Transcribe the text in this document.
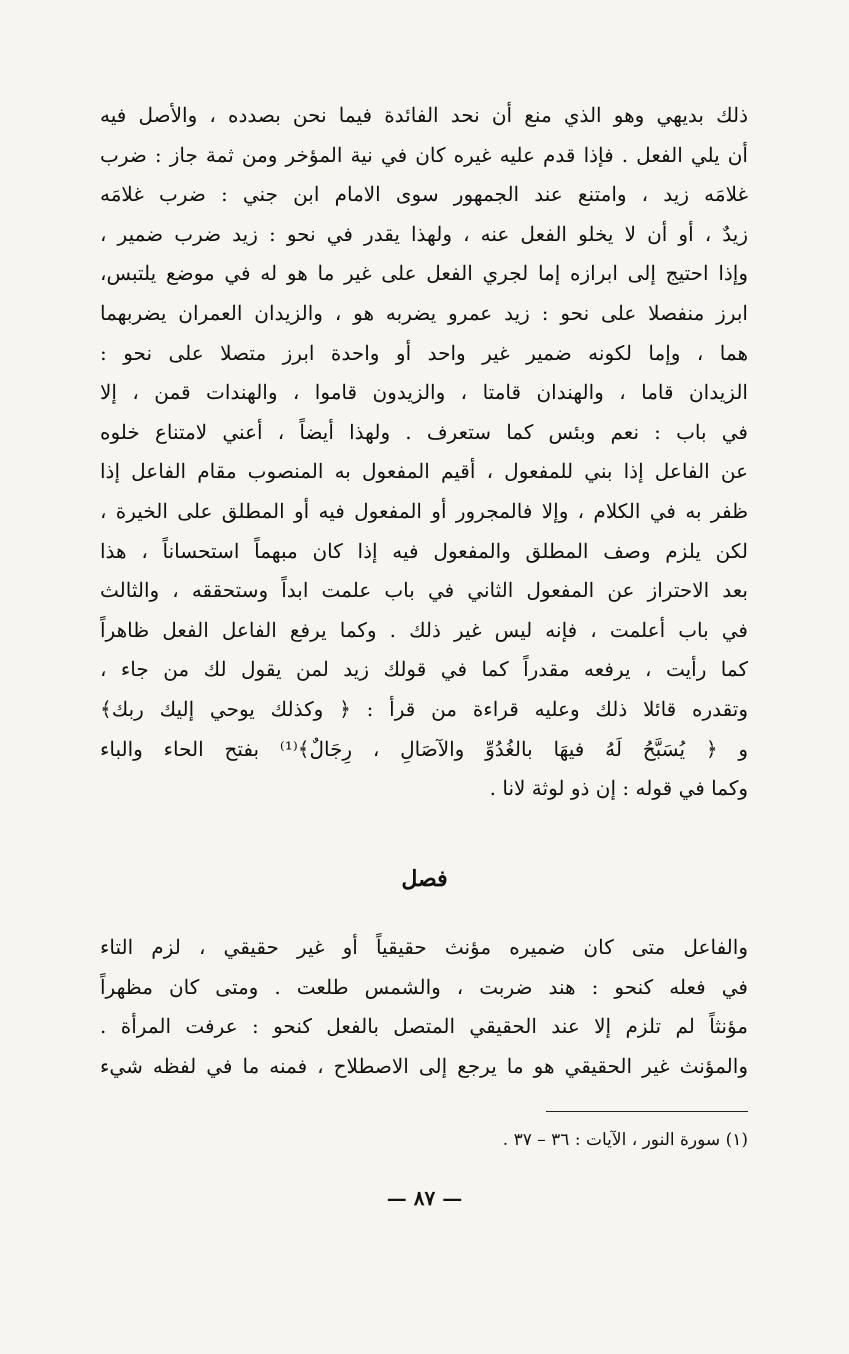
ذلك بديهي وهو الذي منع أن نحد الفائدة فيما نحن بصدده ، والأصل فيه
أن يلي الفعل . فإذا قدم عليه غيره كان في نية المؤخر ومن ثمة جاز : ضرب
غلامَه زيد ، وامتنع عند الجمهور سوى الامام ابن جني : ضرب غلامَه
زيدٌ ، أو أن لا يخلو الفعل عنه ، ولهذا يقدر في نحو : زيد ضرب ضمير ،
وإذا احتيج إلى ابرازه إما لجري الفعل على غير ما هو له في موضع يلتبس،
ابرز منفصلا على نحو : زيد عمرو يضربه هو ، والزيدان العمران يضربهما
هما ، وإما لكونه ضمير غير واحد أو واحدة ابرز متصلا على نحو :
الزيدان قاما ، والهندان قامتا ، والزيدون قاموا ، والهندات قمن ، إلا
في باب : نعم وبئس كما ستعرف . ولهذا أيضاً ، أعني لامتناع خلوه
عن الفاعل إذا بني للمفعول ، أقيم المفعول به المنصوب مقام الفاعل إذا
ظفر به في الكلام ، وإلا فالمجرور أو المفعول فيه أو المطلق على الخيرة ،
لكن يلزم وصف المطلق والمفعول فيه إذا كان مبهماً استحساناً ، هذا
بعد الاحتراز عن المفعول الثاني في باب علمت ابداً وستحققه ، والثالث
في باب أعلمت ، فإنه ليس غير ذلك . وكما يرفع الفاعل الفعل ظاهراً
كما رأيت ، يرفعه مقدراً كما في قولك زيد لمن يقول لك من جاء ،
وتقدره قائلا ذلك وعليه قراءة من قرأ : ﴿ وكذلك يوحي إليك ربك﴾
و ﴿ يُسَبَّحُ لَهُ فيهَا بالغُدُوِّ والآصَالِ ، رِجَالٌ﴾⁽¹⁾ بفتح الحاء والباء
وكما في قوله : إن ذو لوثة لانا .
فصل
والفاعل متى كان ضميره مؤنث حقيقياً أو غير حقيقي ، لزم التاء
في فعله كنحو : هند ضربت ، والشمس طلعت . ومتى كان مظهراً
مؤنثاً لم تلزم إلا عند الحقيقي المتصل بالفعل كنحو : عرفت المرأة .
والمؤنث غير الحقيقي هو ما يرجع إلى الاصطلاح ، فمنه ما في لفظه شيء
(١) سورة النور ، الآيات : ٣٦ – ٣٧ .
— ٨٧ —
